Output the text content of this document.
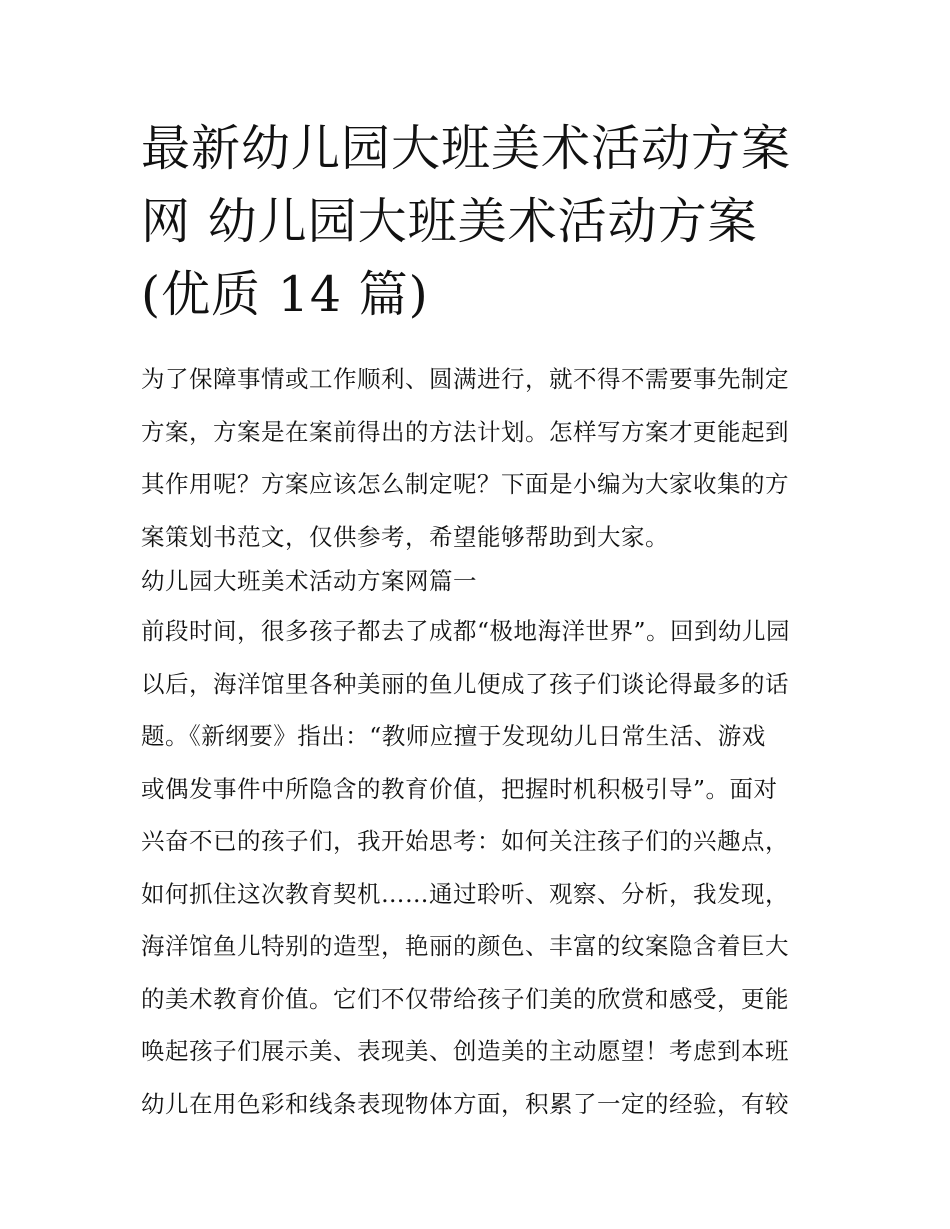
最新幼儿园大班美术活动方案
网 幼儿园大班美术活动方案
(优质 14 篇)
为了保障事情或工作顺利、圆满进行，就不得不需要事先制定
方案，方案是在案前得出的方法计划。怎样写方案才更能起到
其作用呢？方案应该怎么制定呢？下面是小编为大家收集的方
案策划书范文，仅供参考，希望能够帮助到大家。
幼儿园大班美术活动方案网篇一
前段时间，很多孩子都去了成都“极地海洋世界”。回到幼儿园
以后，海洋馆里各种美丽的鱼儿便成了孩子们谈论得最多的话
题。《新纲要》指出：“教师应擅于发现幼儿日常生活、游戏
或偶发事件中所隐含的教育价值，把握时机积极引导”。面对
兴奋不已的孩子们，我开始思考：如何关注孩子们的兴趣点，
如何抓住这次教育契机……通过聆听、观察、分析，我发现，
海洋馆鱼儿特别的造型，艳丽的颜色、丰富的纹案隐含着巨大
的美术教育价值。它们不仅带给孩子们美的欣赏和感受，更能
唤起孩子们展示美、表现美、创造美的主动愿望！考虑到本班
幼儿在用色彩和线条表现物体方面，积累了一定的经验，有较
